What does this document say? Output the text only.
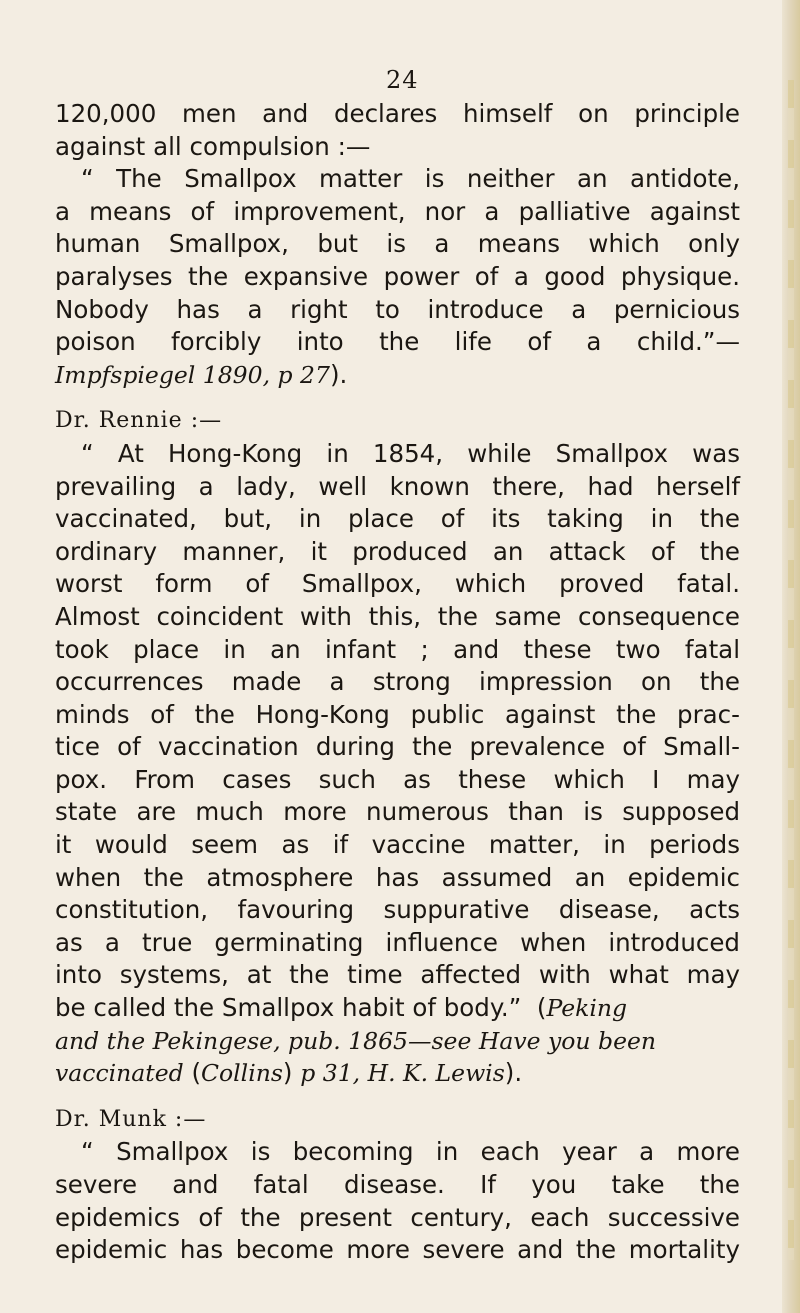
24
120,000 men and declares himself on principle
against all compulsion :—
“ The Smallpox matter is neither an antidote,
a means of improvement, nor a palliative against
human Smallpox, but is a means which only
paralyses the expansive power of a good physique.
Nobody has a right to introduce a pernicious
poison forcibly into the life of a child.”—
Impfspiegel 1890, p 27).
Dr. Rennie :—
“ At Hong-Kong in 1854, while Smallpox was
prevailing a lady, well known there, had herself
vaccinated, but, in place of its taking in the
ordinary manner, it produced an attack of the
worst form of Smallpox, which proved fatal.
Almost coincident with this, the same consequence
took place in an infant ; and these two fatal
occurrences made a strong impression on the
minds of the Hong-Kong public against the prac-
tice of vaccination during the prevalence of Small-
pox. From cases such as these which I may
state are much more numerous than is supposed
it would seem as if vaccine matter, in periods
when the atmosphere has assumed an epidemic
constitution, favouring suppurative disease, acts
as a true germinating influence when introduced
into systems, at the time affected with what may
be called the Smallpox habit of body.” (Peking
and the Pekingese, pub. 1865—see Have you been
vaccinated (Collins) p 31, H. K. Lewis).
Dr. Munk :—
“ Smallpox is becoming in each year a more
severe and fatal disease. If you take the
epidemics of the present century, each successive
epidemic has become more severe and the mortality
